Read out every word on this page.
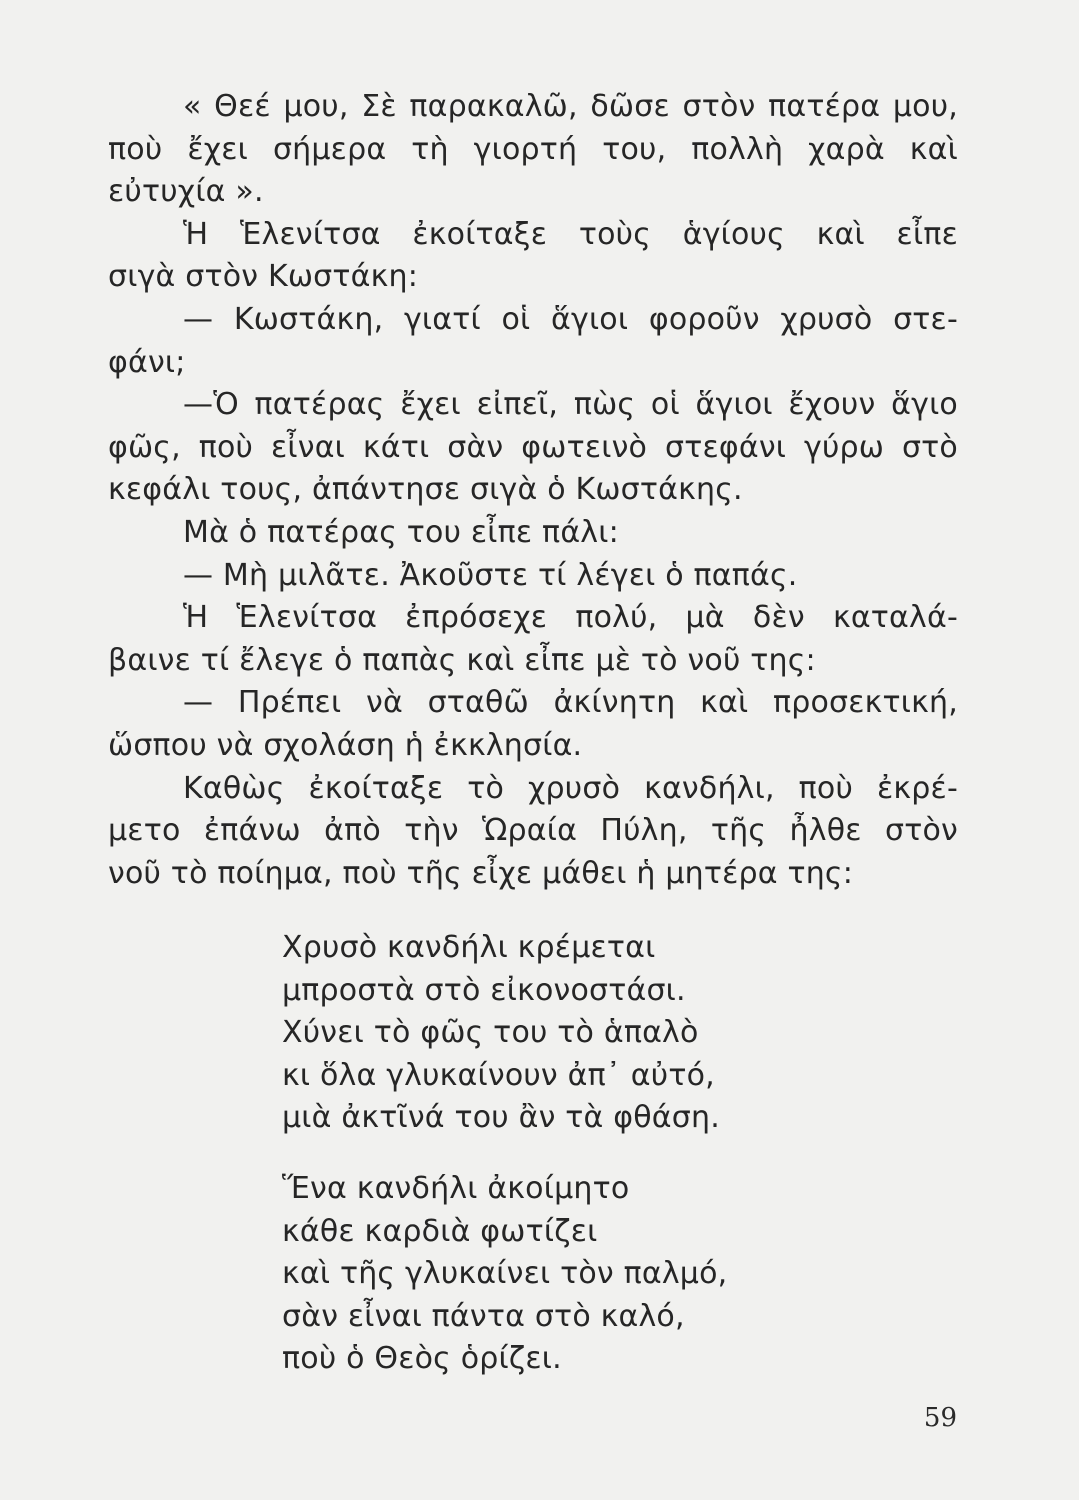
« Θεέ μου, Σὲ παρακαλῶ, δῶσε στὸν πατέρα μου,
ποὺ ἔχει σήμερα τὴ γιορτή του, πολλὴ χαρὰ καὶ
εὐτυχία ».
Ἡ Ἑλενίτσα ἐκοίταξε τοὺς ἁγίους καὶ εἶπε
σιγὰ στὸν Κωστάκη:
— Κωστάκη, γιατί οἱ ἅγιοι φοροῦν χρυσὸ στε-
φάνι;
—Ὁ πατέρας ἔχει εἰπεῖ, πὼς οἱ ἅγιοι ἔχουν ἅγιο
φῶς, ποὺ εἶναι κάτι σὰν φωτεινὸ στεφάνι γύρω στὸ
κεφάλι τους, ἀπάντησε σιγὰ ὁ Κωστάκης.
Μὰ ὁ πατέρας του εἶπε πάλι:
— Μὴ μιλᾶτε. Ἀκοῦστε τί λέγει ὁ παπάς.
Ἡ Ἑλενίτσα ἐπρόσεχε πολύ, μὰ δὲν καταλά-
βαινε τί ἔλεγε ὁ παπὰς καὶ εἶπε μὲ τὸ νοῦ της:
— Πρέπει νὰ σταθῶ ἀκίνητη καὶ προσεκτική,
ὥσπου νὰ σχολάση ἡ ἐκκλησία.
Καθὼς ἐκοίταξε τὸ χρυσὸ κανδήλι, ποὺ ἐκρέ-
μετο ἐπάνω ἀπὸ τὴν Ὡραία Πύλη, τῆς ἦλθε στὸν
νοῦ τὸ ποίημα, ποὺ τῆς εἶχε μάθει ἡ μητέρα της:
Χρυσὸ κανδήλι κρέμεται
μπροστὰ στὸ εἰκονοστάσι.
Χύνει τὸ φῶς του τὸ ἁπαλὸ
κι ὅλα γλυκαίνουν ἀπ᾽ αὐτό,
μιὰ ἀκτῖνά του ἂν τὰ φθάση.
Ἕνα κανδήλι ἀκοίμητο
κάθε καρδιὰ φωτίζει
καὶ τῆς γλυκαίνει τὸν παλμό,
σὰν εἶναι πάντα στὸ καλό,
ποὺ ὁ Θεὸς ὁρίζει.
59
